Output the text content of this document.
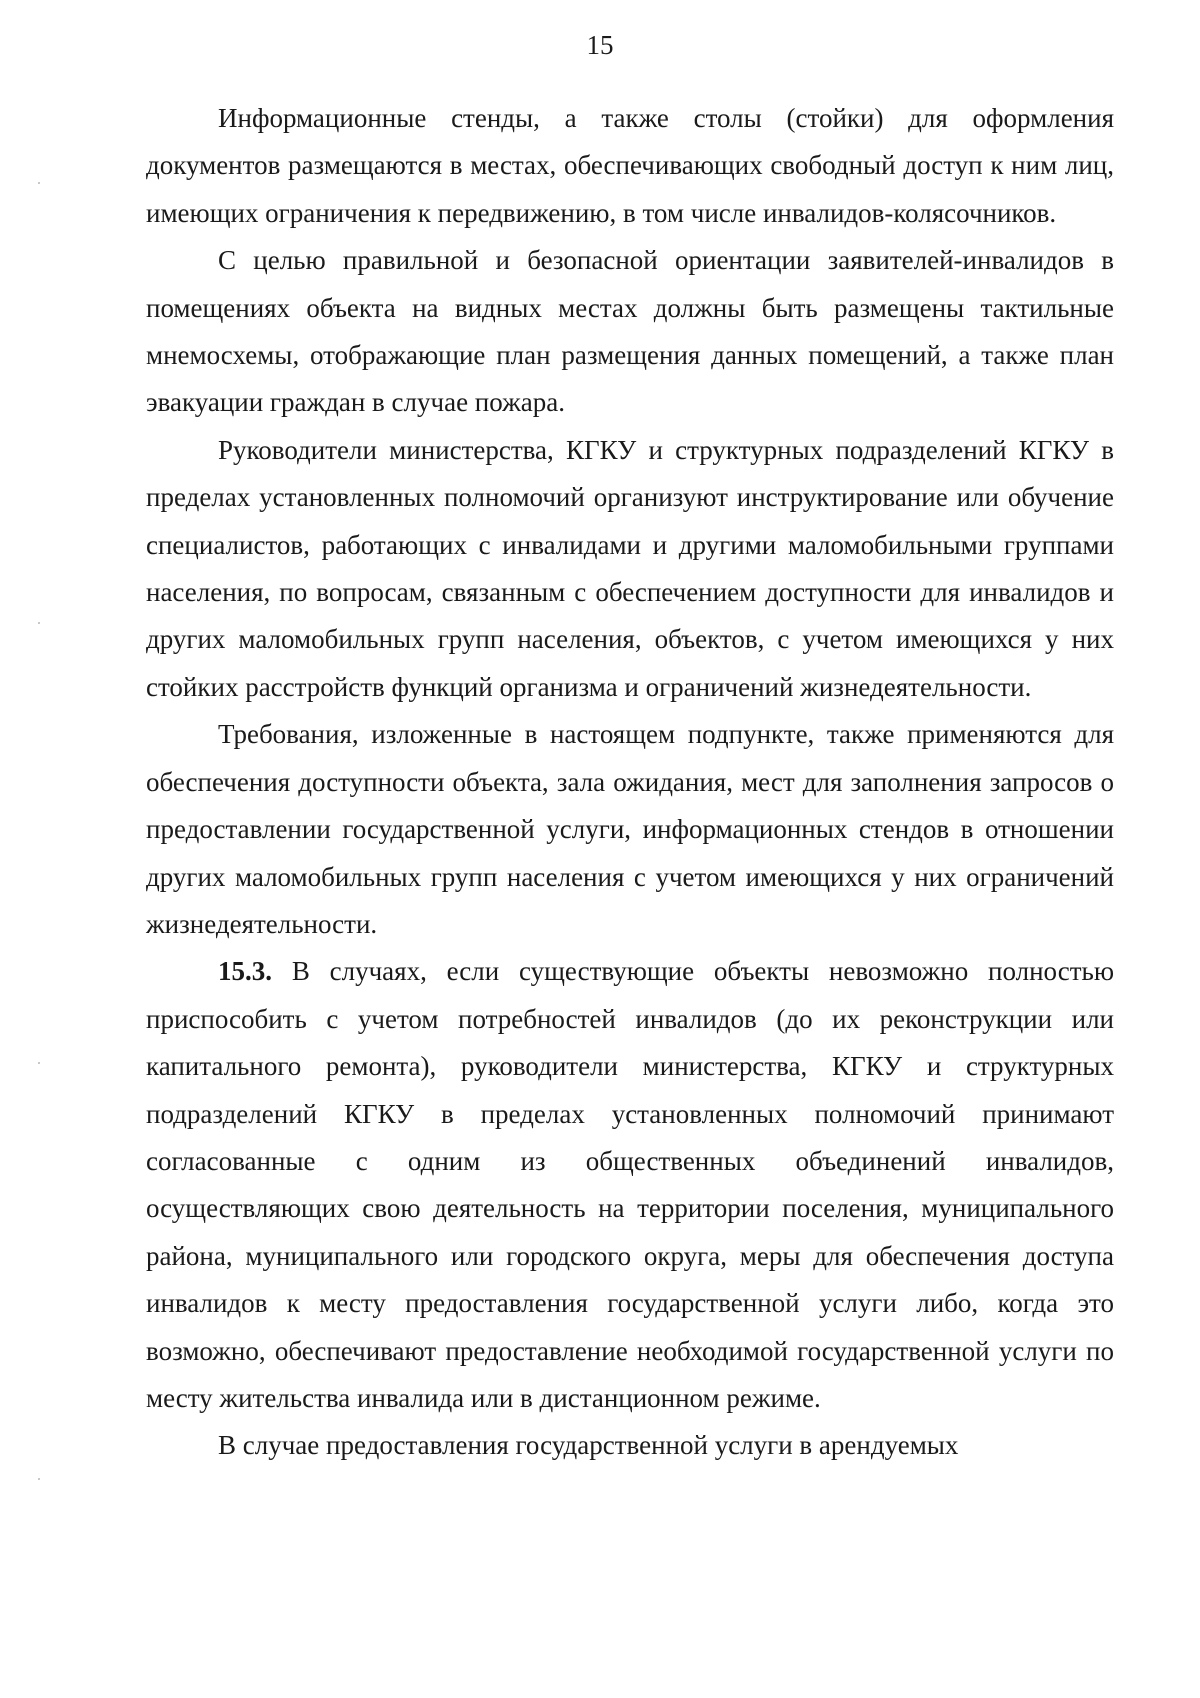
15

Информационные стенды, а также столы (стойки) для оформления документов размещаются в местах, обеспечивающих свободный доступ к ним лиц, имеющих ограничения к передвижению, в том числе инвалидов-колясочников.

С целью правильной и безопасной ориентации заявителей-инвалидов в помещениях объекта на видных местах должны быть размещены тактильные мнемосхемы, отображающие план размещения данных помещений, а также план эвакуации граждан в случае пожара.

Руководители министерства, КГКУ и структурных подразделений КГКУ в пределах установленных полномочий организуют инструктирование или обучение специалистов, работающих с инвалидами и другими маломобильными группами населения, по вопросам, связанным с обеспечением доступности для инвалидов и других маломобильных групп населения, объектов, с учетом имеющихся у них стойких расстройств функций организма и ограничений жизнедеятельности.

Требования, изложенные в настоящем подпункте, также применяются для обеспечения доступности объекта, зала ожидания, мест для заполнения запросов о предоставлении государственной услуги, информационных стендов в отношении других маломобильных групп населения с учетом имеющихся у них ограничений жизнедеятельности.

15.3. В случаях, если существующие объекты невозможно полностью приспособить с учетом потребностей инвалидов (до их реконструкции или капитального ремонта), руководители министерства, КГКУ и структурных подразделений КГКУ в пределах установленных полномочий принимают согласованные с одним из общественных объединений инвалидов, осуществляющих свою деятельность на территории поселения, муниципального района, муниципального или городского округа, меры для обеспечения доступа инвалидов к месту предоставления государственной услуги либо, когда это возможно, обеспечивают предоставление необходимой государственной услуги по месту жительства инвалида или в дистанционном режиме.

В случае предоставления государственной услуги в арендуемых
